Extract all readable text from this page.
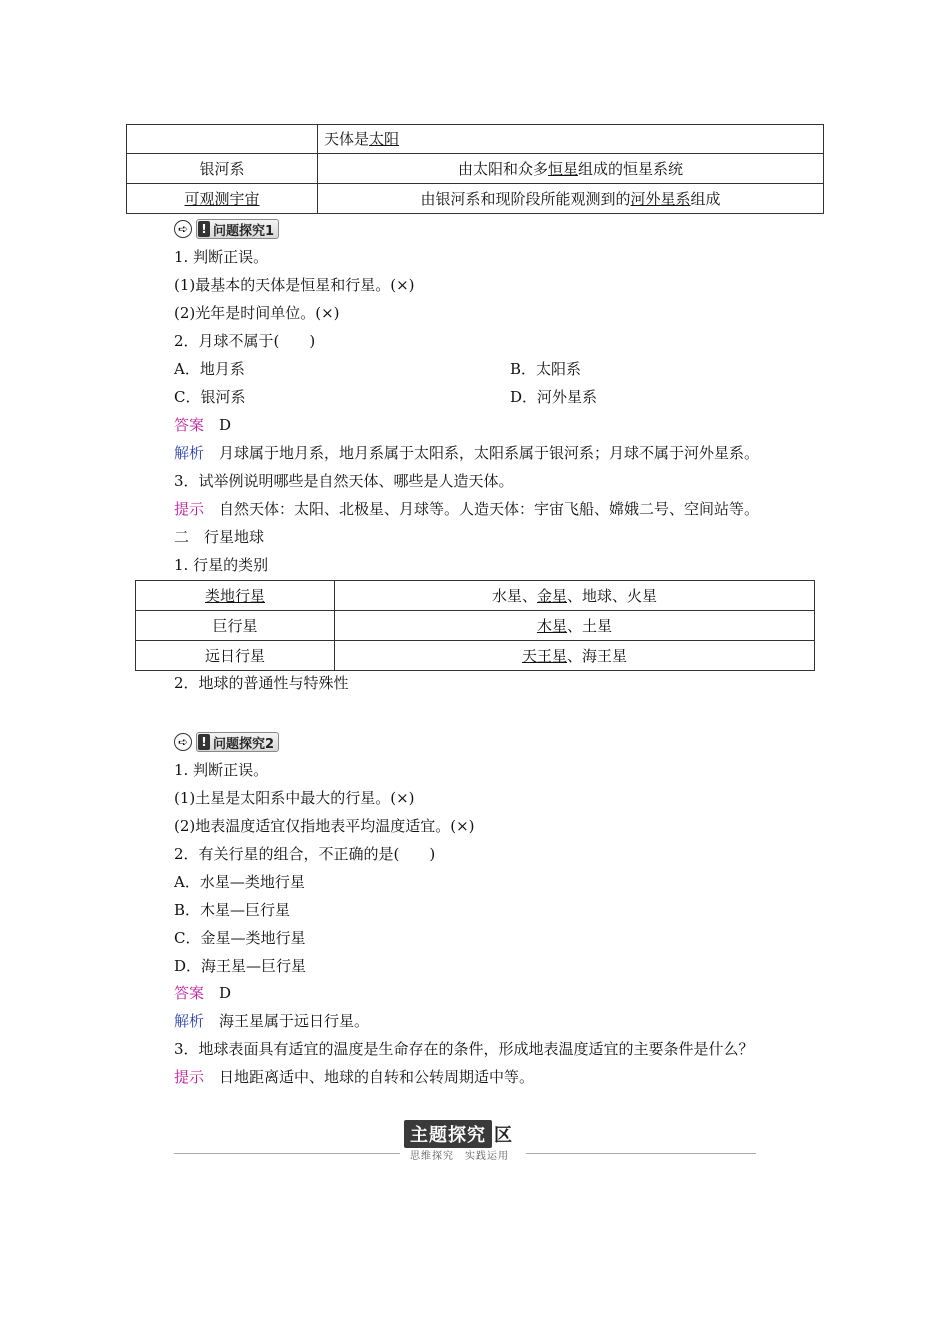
	天体是太阳
银河系	由太阳和众多恒星组成的恒星系统
可观测宇宙	由银河系和现阶段所能观测到的河外星系组成
➪	! 问题探究1
1. 判断正误。
(1)最基本的天体是恒星和行星。(×)
(2)光年是时间单位。(×)
2．月球不属于(　　)
A．地月系	B．太阳系
C．银河系	D．河外星系
答案　 D
解析　 月球属于地月系，地月系属于太阳系，太阳系属于银河系；月球不属于河外星系。
3．试举例说明哪些是自然天体、哪些是人造天体。
提示　 自然天体：太阳、北极星、月球等。人造天体：宇宙飞船、嫦娥二号、空间站等。
二　行星地球
1. 行星的类别
类地行星	水星、金星、地球、火星
巨行星	木星、土星
远日行星	天王星、海王星
2．地球的普通性与特殊性
➪	! 问题探究2
1. 判断正误。
(1)土星是太阳系中最大的行星。(×)
(2)地表温度适宜仅指地表平均温度适宜。(×)
2．有关行星的组合，不正确的是(　　)
A．水星—类地行星
B．木星—巨行星
C．金星—类地行星
D．海王星—巨行星
答案　 D
解析　 海王星属于远日行星。
3．地球表面具有适宜的温度是生命存在的条件，形成地表温度适宜的主要条件是什么？
提示　 日地距离适中、地球的自转和公转周期适中等。
主题探究 区
思维探究　实践运用
